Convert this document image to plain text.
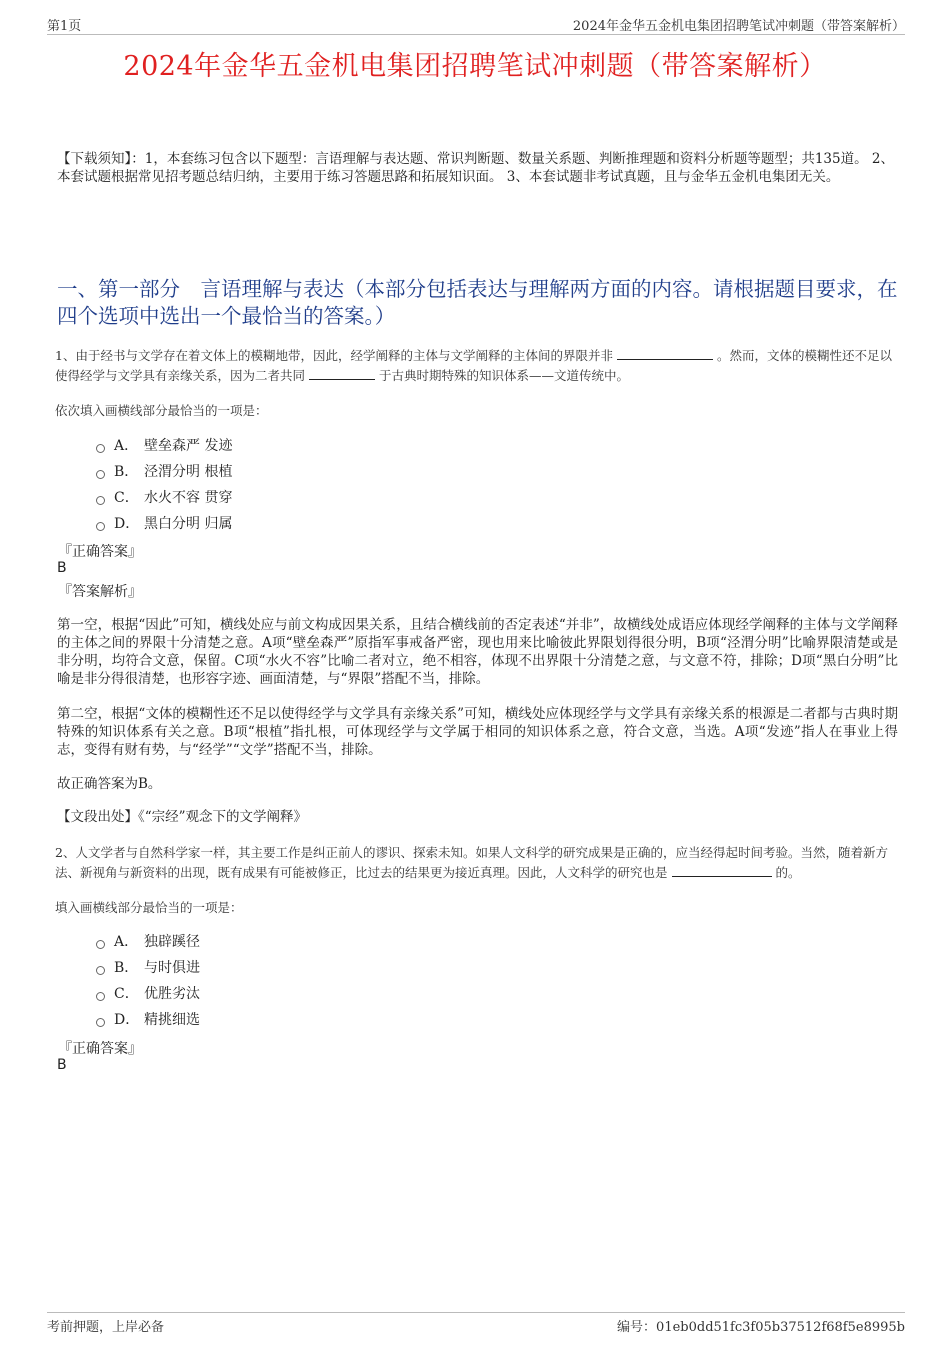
第1页	2024年金华五金机电集团招聘笔试冲刺题（带答案解析）
2024年金华五金机电集团招聘笔试冲刺题（带答案解析）
【下载须知】：1，本套练习包含以下题型：言语理解与表达题、常识判断题、数量关系题、判断推理题和资料分析题等题型；共135道。 2、本套试题根据常见招考题总结归纳，主要用于练习答题思路和拓展知识面。 3、本套试题非考试真题，且与金华五金机电集团无关。
一、第一部分　言语理解与表达（本部分包括表达与理解两方面的内容。请根据题目要求，在四个选项中选出一个最恰当的答案。）
1、由于经书与文学存在着文体上的模糊地带，因此，经学阐释的主体与文学阐释的主体间的界限并非	。然而，文体的模糊性还不足以使得经学与文学具有亲缘关系，因为二者共同	于古典时期特殊的知识体系——文道传统中。
依次填入画横线部分最恰当的一项是：
A． 壁垒森严 发迹
B． 泾渭分明 根植
C． 水火不容 贯穿
D． 黑白分明 归属
『正确答案』
B
『答案解析』
第一空，根据“因此”可知，横线处应与前文构成因果关系，且结合横线前的否定表述“并非”，故横线处成语应体现经学阐释的主体与文学阐释的主体之间的界限十分清楚之意。A项“壁垒森严”原指军事戒备严密，现也用来比喻彼此界限划得很分明，B项“泾渭分明”比喻界限清楚或是非分明，均符合文意，保留。C项“水火不容”比喻二者对立，绝不相容，体现不出界限十分清楚之意，与文意不符，排除；D项“黑白分明”比喻是非分得很清楚，也形容字迹、画面清楚，与“界限”搭配不当，排除。
第二空，根据“文体的模糊性还不足以使得经学与文学具有亲缘关系”可知，横线处应体现经学与文学具有亲缘关系的根源是二者都与古典时期特殊的知识体系有关之意。B项“根植”指扎根，可体现经学与文学属于相同的知识体系之意，符合文意，当选。A项“发迹”指人在事业上得志，变得有财有势，与“经学”“文学”搭配不当，排除。
故正确答案为B。
【文段出处】《“宗经”观念下的文学阐释》
2、人文学者与自然科学家一样，其主要工作是纠正前人的谬识、探索未知。如果人文科学的研究成果是正确的，应当经得起时间考验。当然，随着新方法、新视角与新资料的出现，既有成果有可能被修正，比过去的结果更为接近真理。因此，人文科学的研究也是	的。
填入画横线部分最恰当的一项是：
A． 独辟蹊径
B． 与时俱进
C． 优胜劣汰
D． 精挑细选
『正确答案』
B
考前押题，上岸必备	编号：01eb0dd51fc3f05b37512f68f5e8995b
